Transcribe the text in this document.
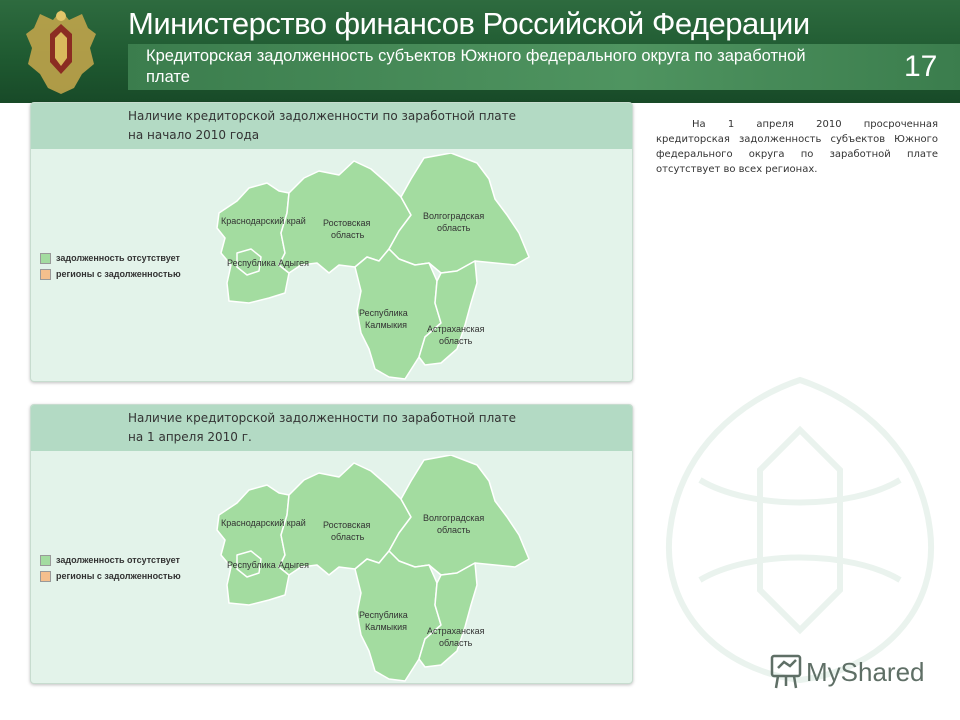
Министерство финансов Российской Федерации
Кредиторская задолженность субъектов Южного федерального округа по заработной плате	17
Наличие кредиторской задолженности по заработной плате
на начало 2010 года
задолженность отсутствует
регионы с задолженностью
Краснодарский край
Республика Адыгея
Ростовская
область
Волгоградская
область
Республика
Калмыкия Астраханская
область
Наличие кредиторской задолженности по заработной плате
на 1 апреля 2010 г.
задолженность отсутствует
регионы с задолженностью
Краснодарский край
Республика Адыгея
Ростовская
область
Волгоградская
область
Республика
Калмыкия Астраханская
область
На 1 апреля 2010 просроченная кредиторская задолженность субъектов Южного федерального округа по заработной плате отсутствует во всех регионах.
MyShared
